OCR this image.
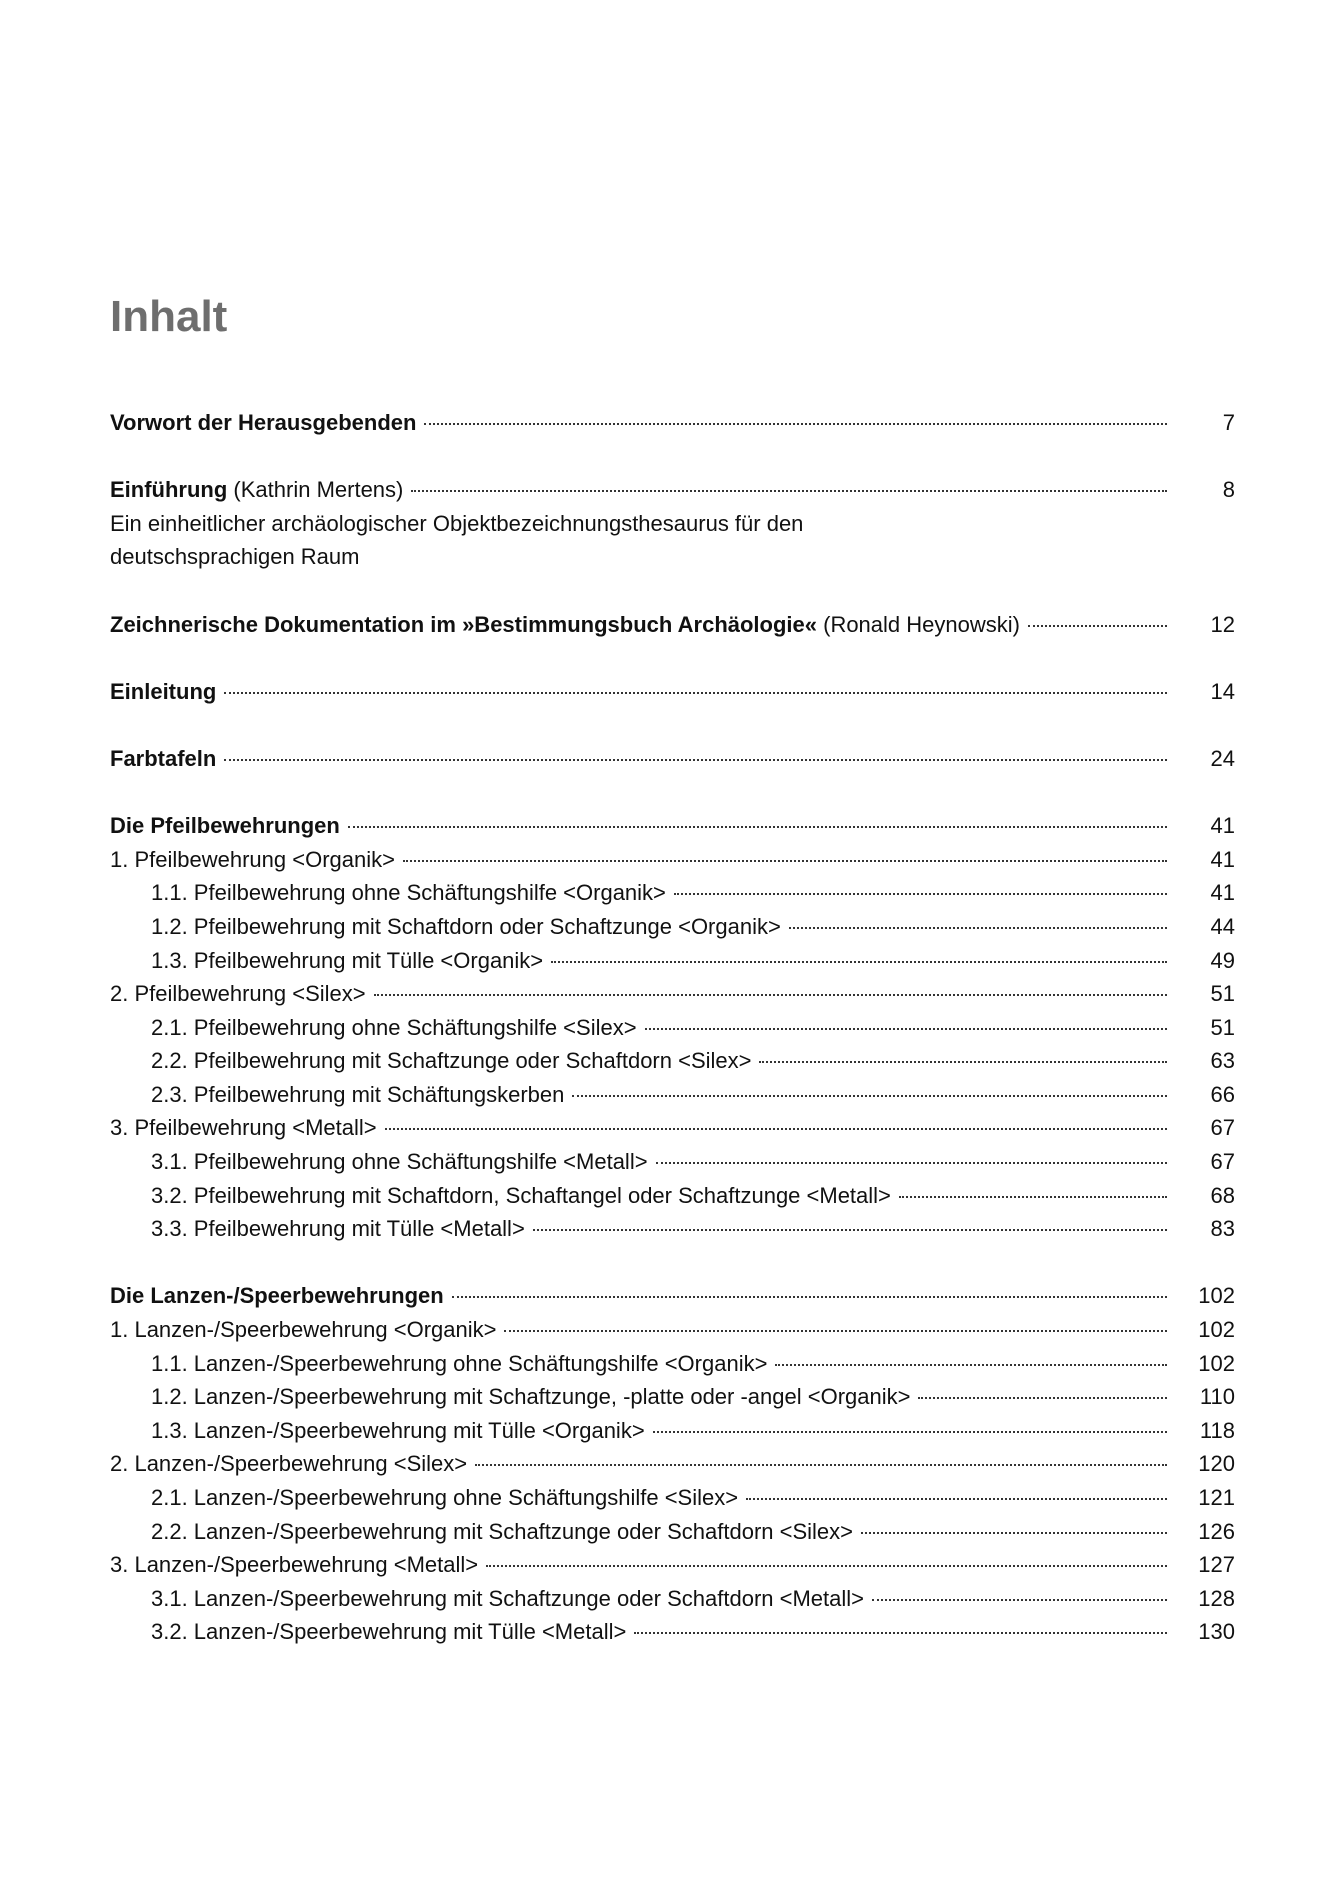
Inhalt
Vorwort der Herausgebenden	7
Einführung (Kathrin Mertens)	8
Ein einheitlicher archäologischer Objektbezeichnungsthesaurus für den
deutschsprachigen Raum
Zeichnerische Dokumentation im »Bestimmungsbuch Archäologie« (Ronald Heynowski)	12
Einleitung	14
Farbtafeln	24
Die Pfeilbewehrungen	41
1. Pfeilbewehrung <Organik>	41
1.1. Pfeilbewehrung ohne Schäftungshilfe <Organik>	41
1.2. Pfeilbewehrung mit Schaftdorn oder Schaftzunge <Organik>	44
1.3. Pfeilbewehrung mit Tülle <Organik>	49
2. Pfeilbewehrung <Silex>	51
2.1. Pfeilbewehrung ohne Schäftungshilfe <Silex>	51
2.2. Pfeilbewehrung mit Schaftzunge oder Schaftdorn <Silex>	63
2.3. Pfeilbewehrung mit Schäftungskerben	66
3. Pfeilbewehrung <Metall>	67
3.1. Pfeilbewehrung ohne Schäftungshilfe <Metall>	67
3.2. Pfeilbewehrung mit Schaftdorn, Schaftangel oder Schaftzunge <Metall>	68
3.3. Pfeilbewehrung mit Tülle <Metall>	83
Die Lanzen-/Speerbewehrungen	102
1. Lanzen-/Speerbewehrung <Organik>	102
1.1. Lanzen-/Speerbewehrung ohne Schäftungshilfe <Organik>	102
1.2. Lanzen-/Speerbewehrung mit Schaftzunge, -platte oder -angel <Organik>	110
1.3. Lanzen-/Speerbewehrung mit Tülle <Organik>	118
2. Lanzen-/Speerbewehrung <Silex>	120
2.1. Lanzen-/Speerbewehrung ohne Schäftungshilfe <Silex>	121
2.2. Lanzen-/Speerbewehrung mit Schaftzunge oder Schaftdorn <Silex>	126
3. Lanzen-/Speerbewehrung <Metall>	127
3.1. Lanzen-/Speerbewehrung mit Schaftzunge oder Schaftdorn <Metall>	128
3.2. Lanzen-/Speerbewehrung mit Tülle <Metall>	130
